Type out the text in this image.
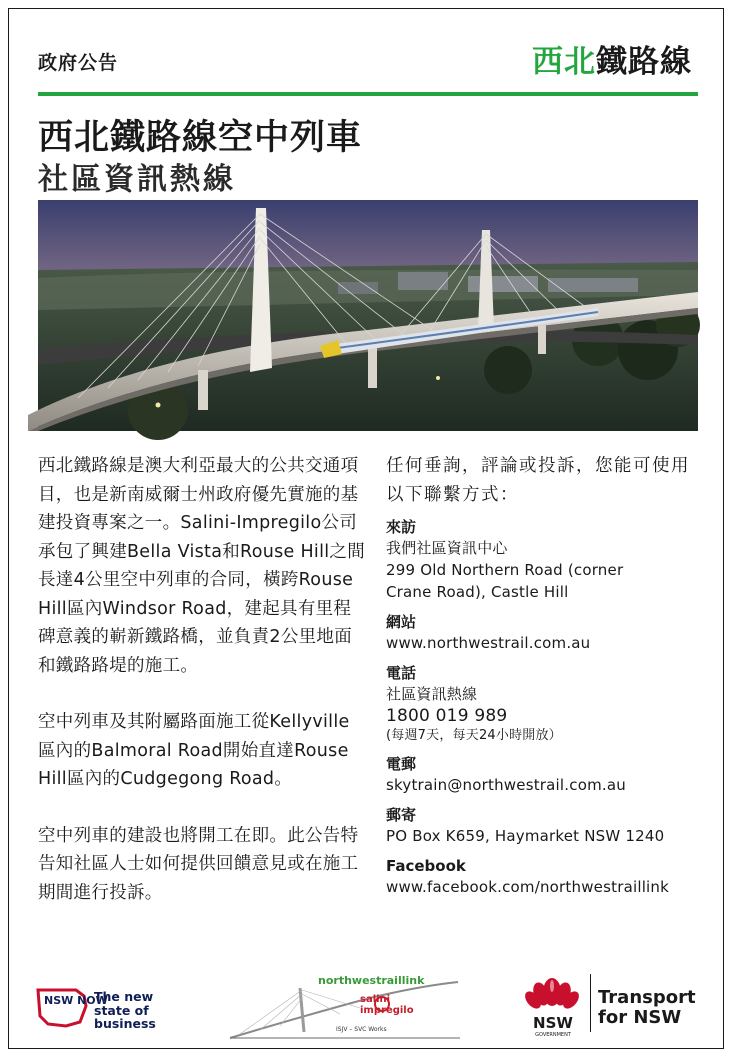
政府公告	西北鐵路線
西北鐵路線空中列車
社區資訊熱線

西北鐵路線是澳大利亞最大的公共交通項目，也是新南威爾士州政府優先實施的基建投資專案之一。Salini-Impregilo公司承包了興建Bella Vista和Rouse Hill之間長達4公里空中列車的合同，橫跨Rouse Hill區內Windsor Road，建起具有里程碑意義的嶄新鐵路橋，並負責2公里地面和鐵路路堤的施工。

空中列車及其附屬路面施工從Kellyville 區內的Balmoral Road開始直達Rouse Hill區內的Cudgegong Road。

空中列車的建設也將開工在即。此公告特告知社區人士如何提供回饋意見或在施工期間進行投訴。

任何垂詢，評論或投訴，您能可使用以下聯繫方式：
來訪
我們社區資訊中心
299 Old Northern Road (corner
Crane Road), Castle Hill
網站
www.northwestrail.com.au
電話
社區資訊熱線
1800 019 989
(每週7天，每天24小時開放）
電郵
skytrain@northwestrail.com.au
郵寄
PO Box K659, Haymarket NSW 1240
Facebook
www.facebook.com/northwestraillink
NSW NOW
The new
state of
business
northwestraillink
salini
impregilo
ISJV – SVC Works	NSW
GOVERNMENT
Transport
for NSW
